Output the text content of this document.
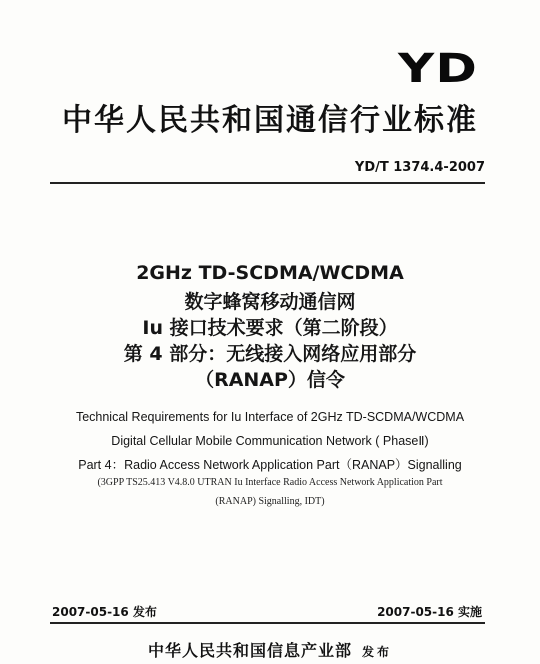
YD
中华人民共和国通信行业标准
YD/T 1374.4-2007
2GHz TD-SCDMA/WCDMA
数字蜂窝移动通信网
Iu 接口技术要求（第二阶段）
第 4 部分：无线接入网络应用部分
（RANAP）信令
Technical Requirements for Iu Interface of 2GHz TD-SCDMA/WCDMA
Digital Cellular Mobile Communication Network ( PhaseⅡ)
Part 4：Radio Access Network Application Part（RANAP）Signalling
(3GPP TS25.413 V4.8.0 UTRAN Iu Interface Radio Access Network Application Part
(RANAP) Signalling, IDT)
2007-05-16 发布	2007-05-16 实施
中华人民共和国信息产业部 发布
